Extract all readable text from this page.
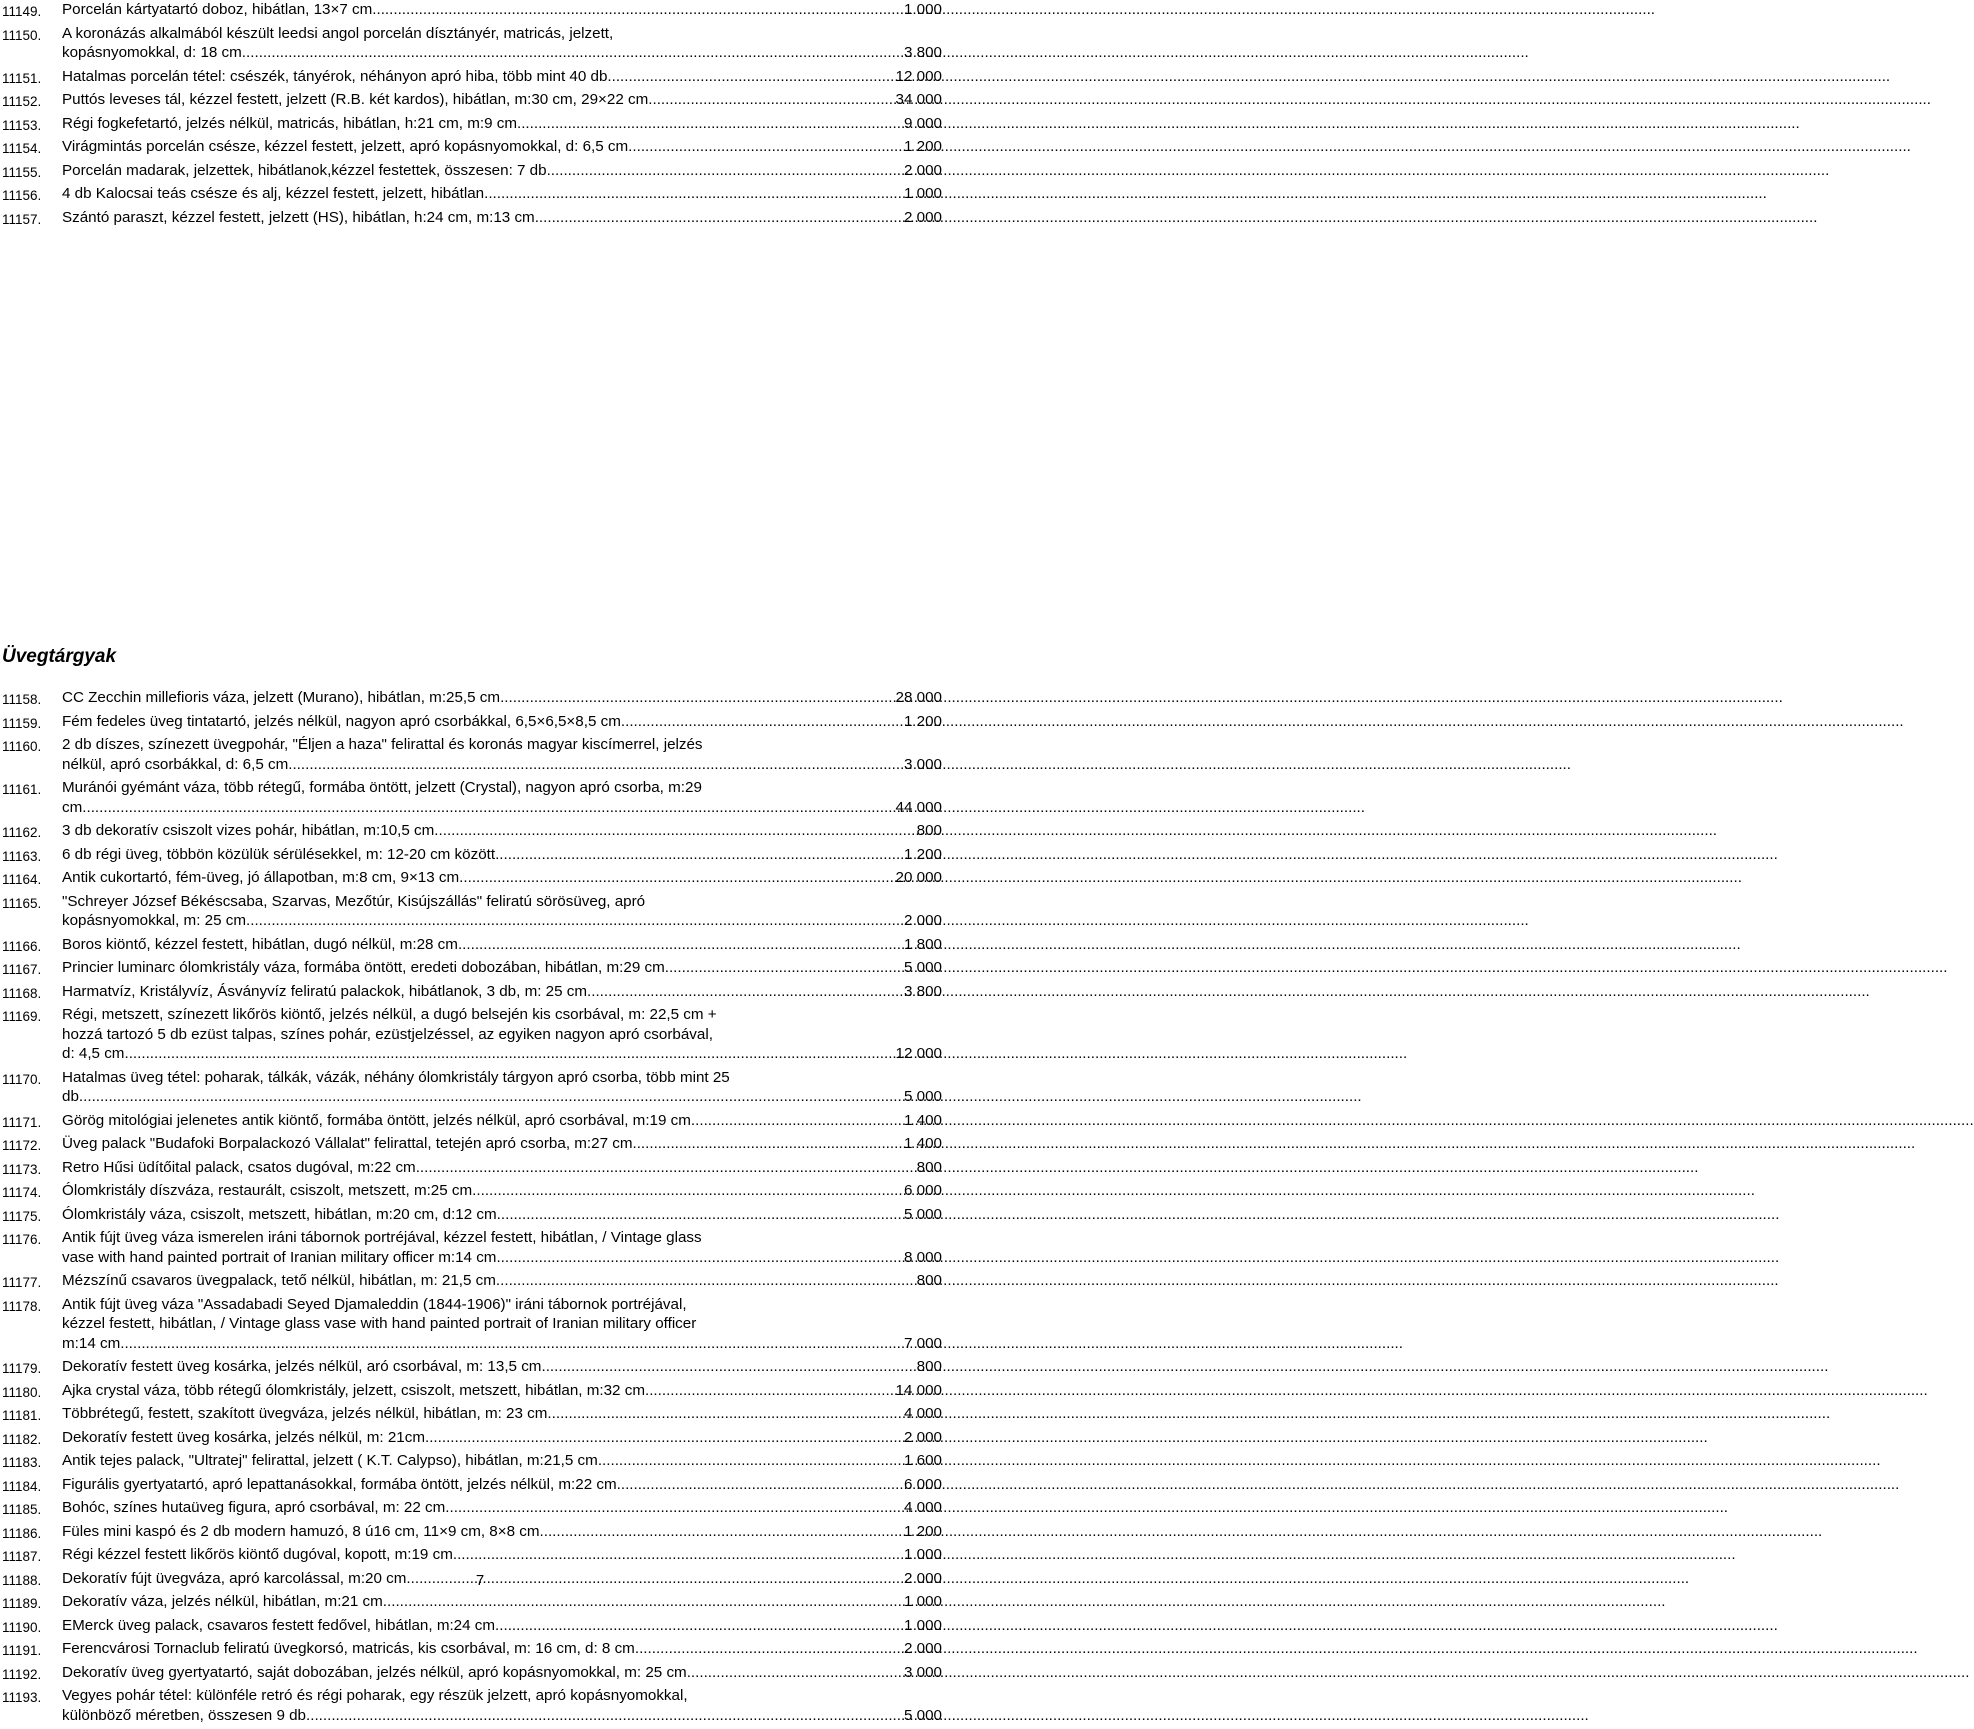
11149. Porcelán kártyatartó doboz, hibátlan, 13×7 cm .....	1 000
11150. A koronázás alkalmából készült leedsi angol porcelán dísztányér, matricás, jelzett,
kopásnyomokkal, d: 18 cm. .....	3 800
11151. Hatalmas porcelán tétel: csészék, tányérok, néhányon apró hiba, több mint 40 db .....	12 000
11152. Puttós leveses tál, kézzel festett, jelzett (R.B. két kardos), hibátlan, m:30 cm, 29×22 cm .....	34 000
11153. Régi fogkefetartó, jelzés nélkül, matricás, hibátlan, h:21 cm, m:9 cm .....	9 000
11154. Virágmintás porcelán csésze, kézzel festett, jelzett, apró kopásnyomokkal, d: 6,5 cm .....	1 200
11155. Porcelán madarak, jelzettek, hibátlanok,kézzel festettek, összesen: 7 db .....	2 000
11156. 4 db Kalocsai teás csésze és alj, kézzel festett, jelzett, hibátlan .....	1 000
11157. Szántó paraszt, kézzel festett, jelzett (HS), hibátlan, h:24 cm, m:13 cm .....	2 000
Üvegtárgyak
11158. CC Zecchin millefioris váza, jelzett (Murano), hibátlan, m:25,5 cm .....	28 000
11159. Fém fedeles üveg tintatartó, jelzés nélkül, nagyon apró csorbákkal, 6,5×6,5×8,5 cm .....	1 200
11160. 2 db díszes, színezett üvegpohár, "Éljen a haza" felirattal és koronás magyar kiscímerrel, jelzés
nélkül, apró csorbákkal, d: 6,5 cm .....	3 000
11161. Muránói gyémánt váza, több rétegű, formába öntött, jelzett (Crystal), nagyon apró csorba, m:29
cm .....	44 000
11162. 3 db dekoratív csiszolt vizes pohár, hibátlan, m:10,5 cm .....	800
11163. 6 db régi üveg, többön közülük sérülésekkel, m: 12-20 cm között .....	1 200
11164. Antik cukortartó, fém-üveg, jó állapotban, m:8 cm, 9×13 cm .....	20 000
11165. "Schreyer József Békéscsaba, Szarvas, Mezőtúr, Kisújszállás" feliratú sörösüveg, apró
kopásnyomokkal, m: 25 cm .....	2 000
11166. Boros kiöntő, kézzel festett, hibátlan, dugó nélkül, m:28 cm .....	1 800
11167. Princier luminarc ólomkristály váza, formába öntött, eredeti dobozában, hibátlan, m:29 cm .....	5 000
11168. Harmatvíz, Kristályvíz, Ásványvíz feliratú palackok, hibátlanok, 3 db, m: 25 cm .....	3 800
11169. Régi, metszett, színezett likőrös kiöntő, jelzés nélkül, a dugó belsején kis csorbával, m: 22,5 cm +
hozzá tartozó 5 db ezüst talpas, színes pohár, ezüstjelzéssel, az egyiken nagyon apró csorbával,
d: 4,5 cm .....	12 000
11170. Hatalmas üveg tétel: poharak, tálkák, vázák, néhány ólomkristály tárgyon apró csorba, több mint 25
db .....	5 000
11171. Görög mitológiai jelenetes antik kiöntő, formába öntött, jelzés nélkül, apró csorbával, m:19 cm .....	1 400
11172. Üveg palack "Budafoki Borpalackozó Vállalat" felirattal, tetején apró csorba, m:27 cm .....	1 400
11173. Retro Hűsi üdítőital palack, csatos dugóval, m:22 cm .....	800
11174. Ólomkristály díszváza, restaurált, csiszolt, metszett, m:25 cm .....	6 000
11175. Ólomkristály váza, csiszolt, metszett, hibátlan, m:20 cm, d:12 cm .....	5 000
11176. Antik fújt üveg váza ismerelen iráni tábornok portréjával, kézzel festett, hibátlan, / Vintage glass
vase with hand painted portrait of Iranian military officer m:14 cm .....	8 000
11177. Mézszínű csavaros üvegpalack, tető nélkül, hibátlan, m: 21,5 cm .....	800
11178. Antik fújt üveg váza "Assadabadi Seyed Djamaleddin (1844-1906)" iráni tábornok portréjával,
kézzel festett, hibátlan, / Vintage glass vase with hand painted portrait of Iranian military officer
m:14 cm .....	7 000
11179. Dekoratív festett üveg kosárka, jelzés nélkül, aró csorbával, m: 13,5 cm. .....	800
11180. Ajka crystal váza, több rétegű ólomkristály, jelzett, csiszolt, metszett, hibátlan, m:32 cm .....	14 000
11181. Többrétegű, festett, szakított üvegváza, jelzés nélkül, hibátlan, m: 23 cm .....	4 000
11182. Dekoratív festett üveg kosárka, jelzés nélkül, m: 21cm .....	2 000
11183. Antik tejes palack, "Ultratej" felirattal, jelzett ( K.T. Calypso), hibátlan, m:21,5 cm .....	1 600
11184. Figurális gyertyatartó, apró lepattanásokkal, formába öntött, jelzés nélkül, m:22 cm .....	6 000
11185. Bohóc, színes hutaüveg figura, apró csorbával, m: 22 cm .....	4 000
11186. Füles mini kaspó és 2 db modern hamuzó, 8 ú16 cm, 11×9 cm, 8×8 cm .....	1 200
11187. Régi kézzel festett likőrös kiöntő dugóval, kopott, m:19 cm .....	1 000
11188. Dekoratív fújt üvegváza, apró karcolással, m:20 cm .....	2 000
11189. Dekoratív váza, jelzés nélkül, hibátlan, m:21 cm .....	1 000
11190. EMerck üveg palack, csavaros festett fedővel, hibátlan, m:24 cm .....	1 000
11191. Ferencvárosi Tornaclub feliratú üvegkorsó, matricás, kis csorbával, m: 16 cm, d: 8 cm .....	2 000
11192. Dekoratív üveg gyertyatartó, saját dobozában, jelzés nélkül, apró kopásnyomokkal, m: 25 cm .....	3 000
11193. Vegyes pohár tétel: különféle retró és régi poharak, egy részük jelzett, apró kopásnyomokkal,
különböző méretben, összesen 9 db .....	5 000
7
